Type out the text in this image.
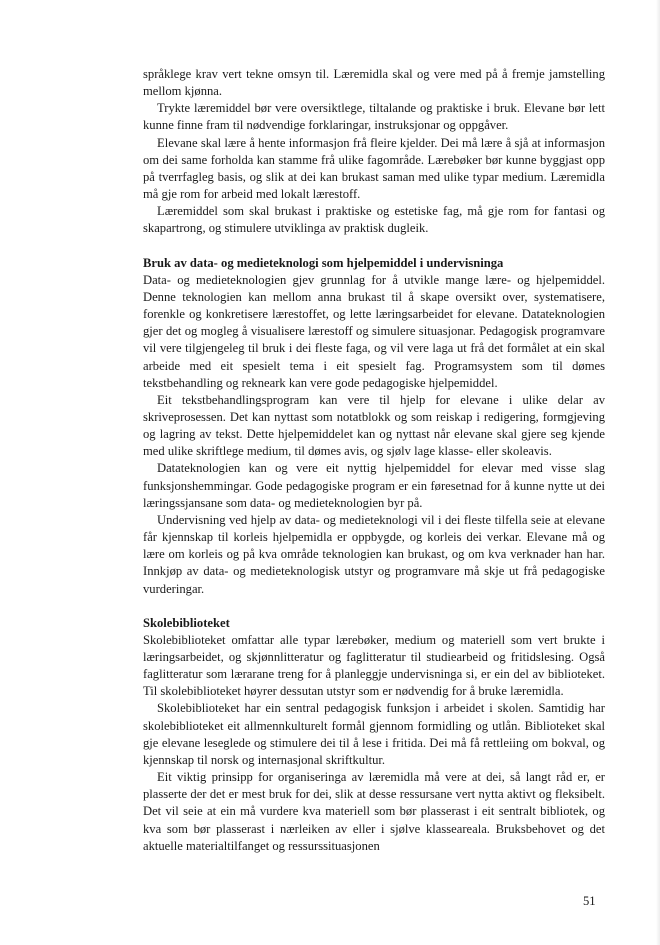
språklege krav vert tekne omsyn til. Læremidla skal og vere med på å fremje jamstelling mellom kjønna.

Trykte læremiddel bør vere oversiktlege, tiltalande og praktiske i bruk. Elevane bør lett kunne finne fram til nødvendige forklaringar, instruksjonar og oppgåver.

Elevane skal lære å hente informasjon frå fleire kjelder. Dei må lære å sjå at informasjon om dei same forholda kan stamme frå ulike fagområde. Lærebøker bør kunne byggjast opp på tverrfagleg basis, og slik at dei kan brukast saman med ulike typar medium. Læremidla må gje rom for arbeid med lokalt lærestoff.

Læremiddel som skal brukast i praktiske og estetiske fag, må gje rom for fantasi og skapartrong, og stimulere utviklinga av praktisk dugleik.

Bruk av data- og medieteknologi som hjelpemiddel i undervisninga

Data- og medieteknologien gjev grunnlag for å utvikle mange lære- og hjelpemiddel. Denne teknologien kan mellom anna brukast til å skape oversikt over, systematisere, forenkle og konkretisere lærestoffet, og lette læringsarbeidet for elevane. Datateknologien gjer det og mogleg å visualisere lærestoff og simulere situasjonar. Pedagogisk programvare vil vere tilgjengeleg til bruk i dei fleste faga, og vil vere laga ut frå det formålet at ein skal arbeide med eit spesielt tema i eit spesielt fag. Programsystem som til dømes tekstbehandling og rekneark kan vere gode pedagogiske hjelpemiddel.

Eit tekstbehandlingsprogram kan vere til hjelp for elevane i ulike delar av skriveprosessen. Det kan nyttast som notatblokk og som reiskap i redigering, formgjeving og lagring av tekst. Dette hjelpemiddelet kan og nyttast når elevane skal gjere seg kjende med ulike skriftlege medium, til dømes avis, og sjølv lage klasse- eller skoleavis.

Datateknologien kan og vere eit nyttig hjelpemiddel for elevar med visse slag funksjonshemmingar. Gode pedagogiske program er ein føresetnad for å kunne nytte ut dei læringssjansane som data- og medieteknologien byr på.

Undervisning ved hjelp av data- og medieteknologi vil i dei fleste tilfella seie at elevane får kjennskap til korleis hjelpemidla er oppbygde, og korleis dei verkar. Elevane må og lære om korleis og på kva område teknologien kan brukast, og om kva verknader han har. Innkjøp av data- og medieteknologisk utstyr og programvare må skje ut frå pedagogiske vurderingar.

Skolebiblioteket

Skolebiblioteket omfattar alle typar lærebøker, medium og materiell som vert brukte i læringsarbeidet, og skjønnlitteratur og faglitteratur til studiearbeid og fritidslesing. Også faglitteratur som lærarane treng for å planleggje undervisninga si, er ein del av biblioteket. Til skolebiblioteket høyrer dessutan utstyr som er nødvendig for å bruke læremidla.

Skolebiblioteket har ein sentral pedagogisk funksjon i arbeidet i skolen. Samtidig har skolebiblioteket eit allmennkulturelt formål gjennom formidling og utlån. Biblioteket skal gje elevane leseglede og stimulere dei til å lese i fritida. Dei må få rettleiing om bokval, og kjennskap til norsk og internasjonal skriftkultur.

Eit viktig prinsipp for organiseringa av læremidla må vere at dei, så langt råd er, er plasserte der det er mest bruk for dei, slik at desse ressursane vert nytta aktivt og fleksibelt. Det vil seie at ein må vurdere kva materiell som bør plasserast i eit sentralt bibliotek, og kva som bør plasserast i nærleiken av eller i sjølve klasseareala. Bruksbehovet og det aktuelle materialtilfanget og ressurssituasjonen

51
